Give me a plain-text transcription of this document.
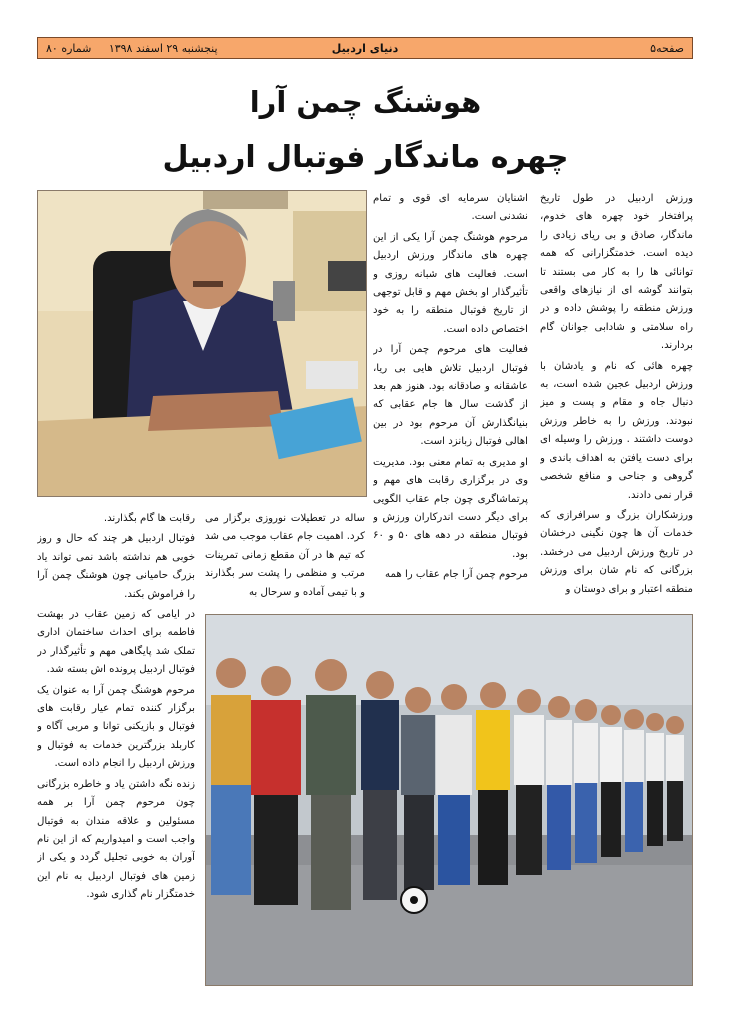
صفحه۵
دنیای اردبیل
پنجشنبه ۲۹ اسفند ۱۳۹۸     شماره ۸۰
هوشنگ چمن آرا
چهره ماندگار فوتبال اردبیل

ورزش اردبیل در طول تاریخ پرافتخار خود چهره های خدوم، ماندگار، صادق و بی ریای زیادی را دیده است. خدمتگزارانی که همه توانائی ها را به کار می بستند تا بتوانند گوشه ای از نیازهای واقعی ورزش منطقه را پوشش داده و در راه سلامتی و شادابی جوانان گام بردارند.

چهره هائی که نام و یادشان با ورزش اردبیل عجین شده است، به دنبال جاه و مقام و پست و میز نبودند. ورزش را به خاطر ورزش دوست داشتند . ورزش را وسیله ای برای دست یافتن به اهداف باندی و گروهی و جناحی و منافع شخصی قرار نمی دادند.

ورزشکاران بزرگ و سرافرازی که خدمات آن ها چون نگینی درخشان در تاریخ ورزش اردبیل می درخشد. بزرگانی که نام شان برای ورزش منطقه اعتبار و برای دوستان و

اشنایان سرمایه ای قوی و تمام نشدنی است.

مرحوم هوشنگ چمن آرا یکی از این چهره های ماندگار ورزش اردبیل است. فعالیت های شبانه روزی و تأثیرگذار او بخش مهم و قابل توجهی از تاریخ فوتبال منطقه را به خود اختصاص داده است.

فعالیت های مرحوم چمن آرا در فوتبال اردبیل تلاش هایی بی ریا، عاشقانه و صادقانه بود. هنوز هم بعد از گذشت سال ها جام عقابی که بنیانگذارش آن مرحوم بود در بین اهالی فوتبال زبانزد است.

او مدیری به تمام معنی بود. مدیریت وی در برگزاری رقابت های مهم و پرتماشاگری چون جام عقاب الگویی برای دیگر دست اندرکاران ورزش و فوتبال منطقه در دهه های ۵۰ و ۶۰ بود.

مرحوم چمن آرا جام عقاب را همه

ساله در تعطیلات نوروزی برگزار می کرد. اهمیت جام عقاب موجب می شد که تیم ها در آن مقطع زمانی تمرینات مرتب و منظمی را پشت سر بگذارند و با تیمی آماده و سرحال به

رقابت ها گام بگذارند.

فوتبال اردبیل هر چند که حال و روز خوبی هم نداشته باشد نمی تواند یاد بزرگ حامیانی چون هوشنگ چمن آرا را فراموش بکند.

در ایامی که زمین عقاب در بهشت فاطمه برای احداث ساختمان اداری تملک شد پایگاهی مهم و تأثیرگذار در فوتبال اردبیل پرونده اش بسته شد.

مرحوم هوشنگ چمن آرا به عنوان یک برگزار کننده تمام عیار رقابت های فوتبال و بازیکنی توانا و مربی آگاه و کاربلد بزرگترین خدمات به فوتبال و ورزش اردبیل را انجام داده است.

زنده نگه داشتن یاد و خاطره بزرگانی چون مرحوم چمن آرا بر همه مسئولین و علاقه مندان به فوتبال واجب است و امیدواریم که از این نام آوران به خوبی تجلیل گردد و یکی از زمین های فوتبال اردبیل به نام این خدمتگزار نام گذاری شود.
